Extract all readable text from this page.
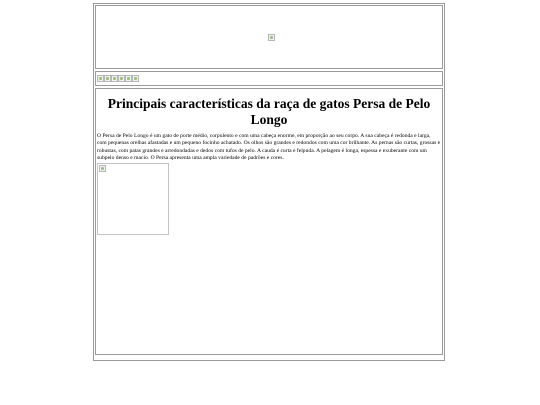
Principais características da raça de gatos Persa de Pelo Longo

O Persa de Pelo Longo é um gato de porte médio, corpulento e com uma cabeça enorme, em proporção ao seu corpo. A sua cabeça é redonda e larga, com pequenas orelhas afastadas e um pequeno focinho achatado. Os olhos são grandes e redondos com uma cor brilhante. As pernas são curtas, grossas e robustas, com patas grandes e arredondadas e dedos com tufos de pelo. A cauda é curta e felpuda. A pelagem é longa, espessa e exuberante com um subpelo denso e macio. O Persa apresenta uma ampla variedade de padrões e cores.
